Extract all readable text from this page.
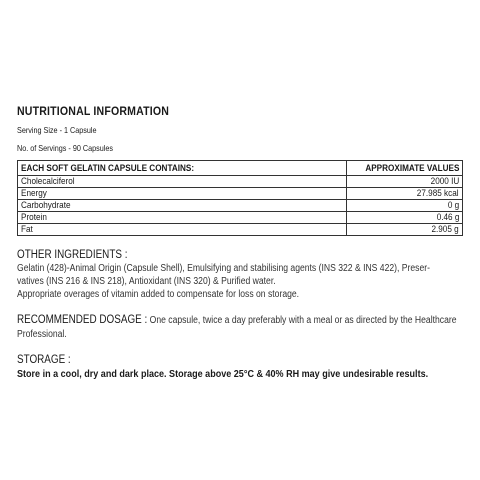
NUTRITIONAL INFORMATION
Serving Size - 1 Capsule
No. of Servings - 90 Capsules
EACH SOFT GELATIN CAPSULE CONTAINS:	APPROXIMATE VALUES
Cholecalciferol	2000 IU
Energy	27.985 kcal
Carbohydrate	0 g
Protein	0.46 g
Fat	2.905 g
OTHER INGREDIENTS :
Gelatin (428)-Animal Origin (Capsule Shell), Emulsifying and stabilising agents (INS 322 & INS 422), Preser-
vatives (INS 216 & INS 218), Antioxidant (INS 320) & Purified water.
Appropriate overages of vitamin added to compensate for loss on storage.
RECOMMENDED DOSAGE : One capsule, twice a day preferably with a meal or as directed by the Healthcare Professional.
STORAGE :
Store in a cool, dry and dark place. Storage above 25°C & 40% RH may give undesirable results.
